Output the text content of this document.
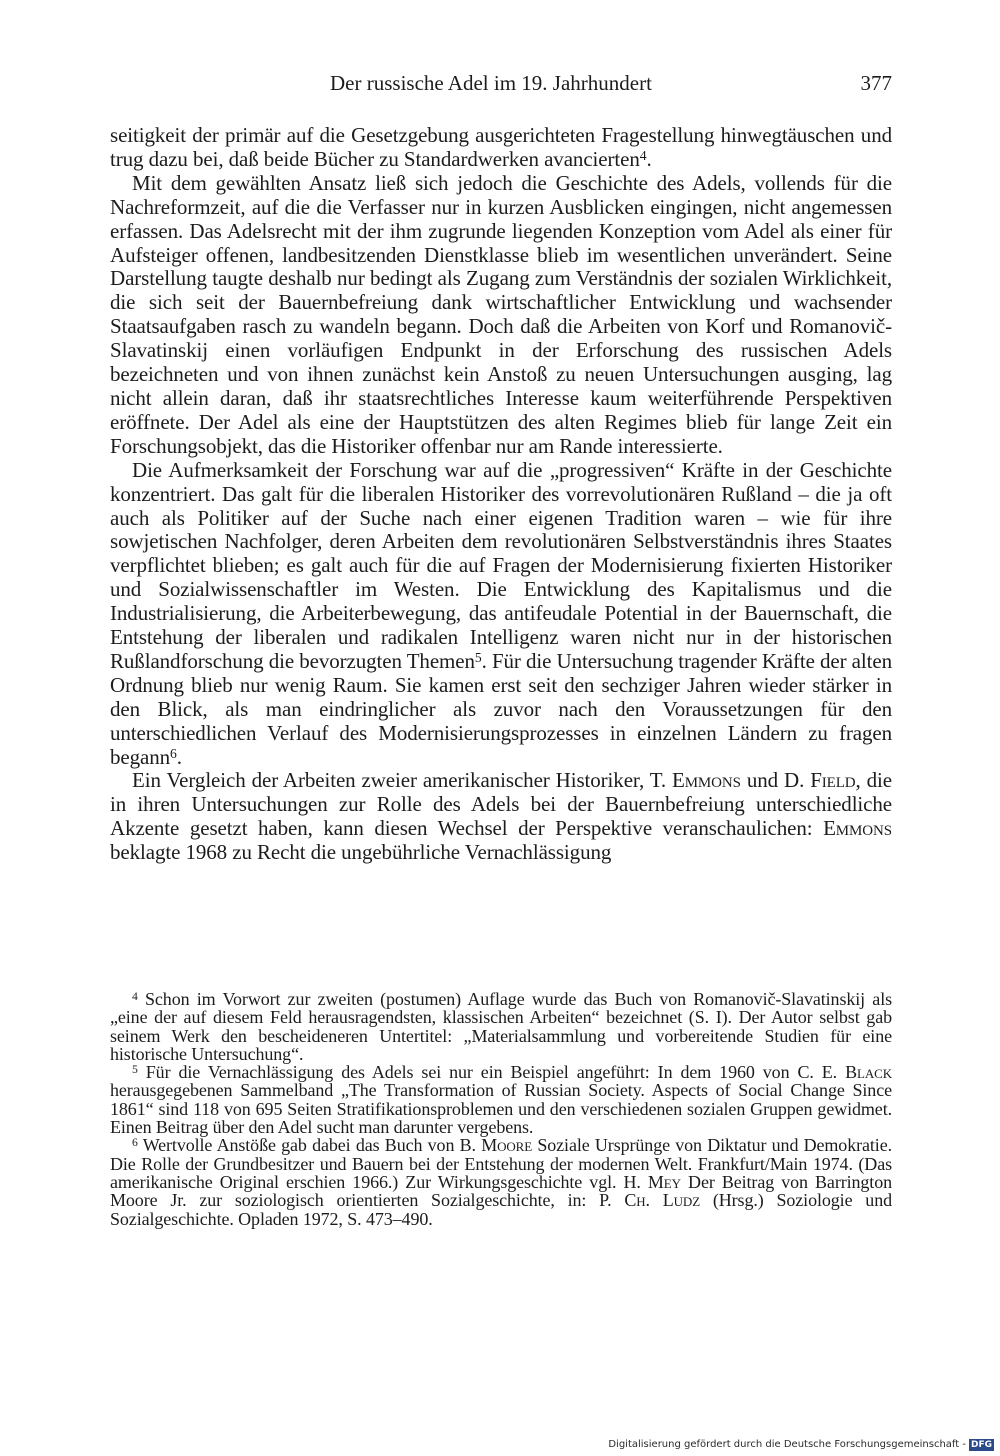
Der russische Adel im 19. Jahrhundert	377

seitigkeit der primär auf die Gesetzgebung ausgerichteten Fragestellung hinwegtäuschen und trug dazu bei, daß beide Bücher zu Standardwerken avancierten$^4$.

Mit dem gewählten Ansatz ließ sich jedoch die Geschichte des Adels, vollends für die Nachreformzeit, auf die die Verfasser nur in kurzen Ausblicken eingingen, nicht angemessen erfassen. Das Adelsrecht mit der ihm zugrunde liegenden Konzeption vom Adel als einer für Aufsteiger offenen, landbesitzenden Dienstklasse blieb im wesentlichen unverändert. Seine Darstellung taugte deshalb nur bedingt als Zugang zum Verständnis der sozialen Wirklichkeit, die sich seit der Bauernbefreiung dank wirtschaftlicher Entwicklung und wachsender Staatsaufgaben rasch zu wandeln begann. Doch daß die Arbeiten von Korf und Romanovič-Slavatinskij einen vorläufigen Endpunkt in der Erforschung des russischen Adels bezeichneten und von ihnen zunächst kein Anstoß zu neuen Untersuchungen ausging, lag nicht allein daran, daß ihr staatsrechtliches Interesse kaum weiterführende Perspektiven eröffnete. Der Adel als eine der Hauptstützen des alten Regimes blieb für lange Zeit ein Forschungsobjekt, das die Historiker offenbar nur am Rande interessierte.

Die Aufmerksamkeit der Forschung war auf die „progressiven“ Kräfte in der Geschichte konzentriert. Das galt für die liberalen Historiker des vorrevolutionären Rußland – die ja oft auch als Politiker auf der Suche nach einer eigenen Tradition waren – wie für ihre sowjetischen Nachfolger, deren Arbeiten dem revolutionären Selbstverständnis ihres Staates verpflichtet blieben; es galt auch für die auf Fragen der Modernisierung fixierten Historiker und Sozialwissenschaftler im Westen. Die Entwicklung des Kapitalismus und die Industrialisierung, die Arbeiterbewegung, das antifeudale Potential in der Bauernschaft, die Entstehung der liberalen und radikalen Intelligenz waren nicht nur in der historischen Rußlandforschung die bevorzugten Themen$^5$. Für die Untersuchung tragender Kräfte der alten Ordnung blieb nur wenig Raum. Sie kamen erst seit den sechziger Jahren wieder stärker in den Blick, als man eindringlicher als zuvor nach den Voraussetzungen für den unterschiedlichen Verlauf des Modernisierungsprozesses in einzelnen Ländern zu fragen begann$^6$.

Ein Vergleich der Arbeiten zweier amerikanischer Historiker, T. Emmons und D. Field, die in ihren Untersuchungen zur Rolle des Adels bei der Bauernbefreiung unterschiedliche Akzente gesetzt haben, kann diesen Wechsel der Perspektive veranschaulichen: Emmons beklagte 1968 zu Recht die ungebührliche Vernachlässigung

$^4$ Schon im Vorwort zur zweiten (postumen) Auflage wurde das Buch von Romanovič-Slavatinskij als „eine der auf diesem Feld herausragendsten, klassischen Arbeiten“ bezeichnet (S. I). Der Autor selbst gab seinem Werk den bescheideneren Untertitel: „Materialsammlung und vorbereitende Studien für eine historische Untersuchung“.

$^5$ Für die Vernachlässigung des Adels sei nur ein Beispiel angeführt: In dem 1960 von C. E. Black herausgegebenen Sammelband „The Transformation of Russian Society. Aspects of Social Change Since 1861“ sind 118 von 695 Seiten Stratifikationsproblemen und den verschiedenen sozialen Gruppen gewidmet. Einen Beitrag über den Adel sucht man darunter vergebens.

$^6$ Wertvolle Anstöße gab dabei das Buch von B. Moore Soziale Ursprünge von Diktatur und Demokratie. Die Rolle der Grundbesitzer und Bauern bei der Entstehung der modernen Welt. Frankfurt/Main 1974. (Das amerikanische Original erschien 1966.) Zur Wirkungsgeschichte vgl. H. Mey Der Beitrag von Barrington Moore Jr. zur soziologisch orientierten Sozialgeschichte, in: P. Ch. Ludz (Hrsg.) Soziologie und Sozialgeschichte. Opladen 1972, S. 473–490.

Digitalisierung gefördert durch die Deutsche Forschungsgemeinschaft - DFG
